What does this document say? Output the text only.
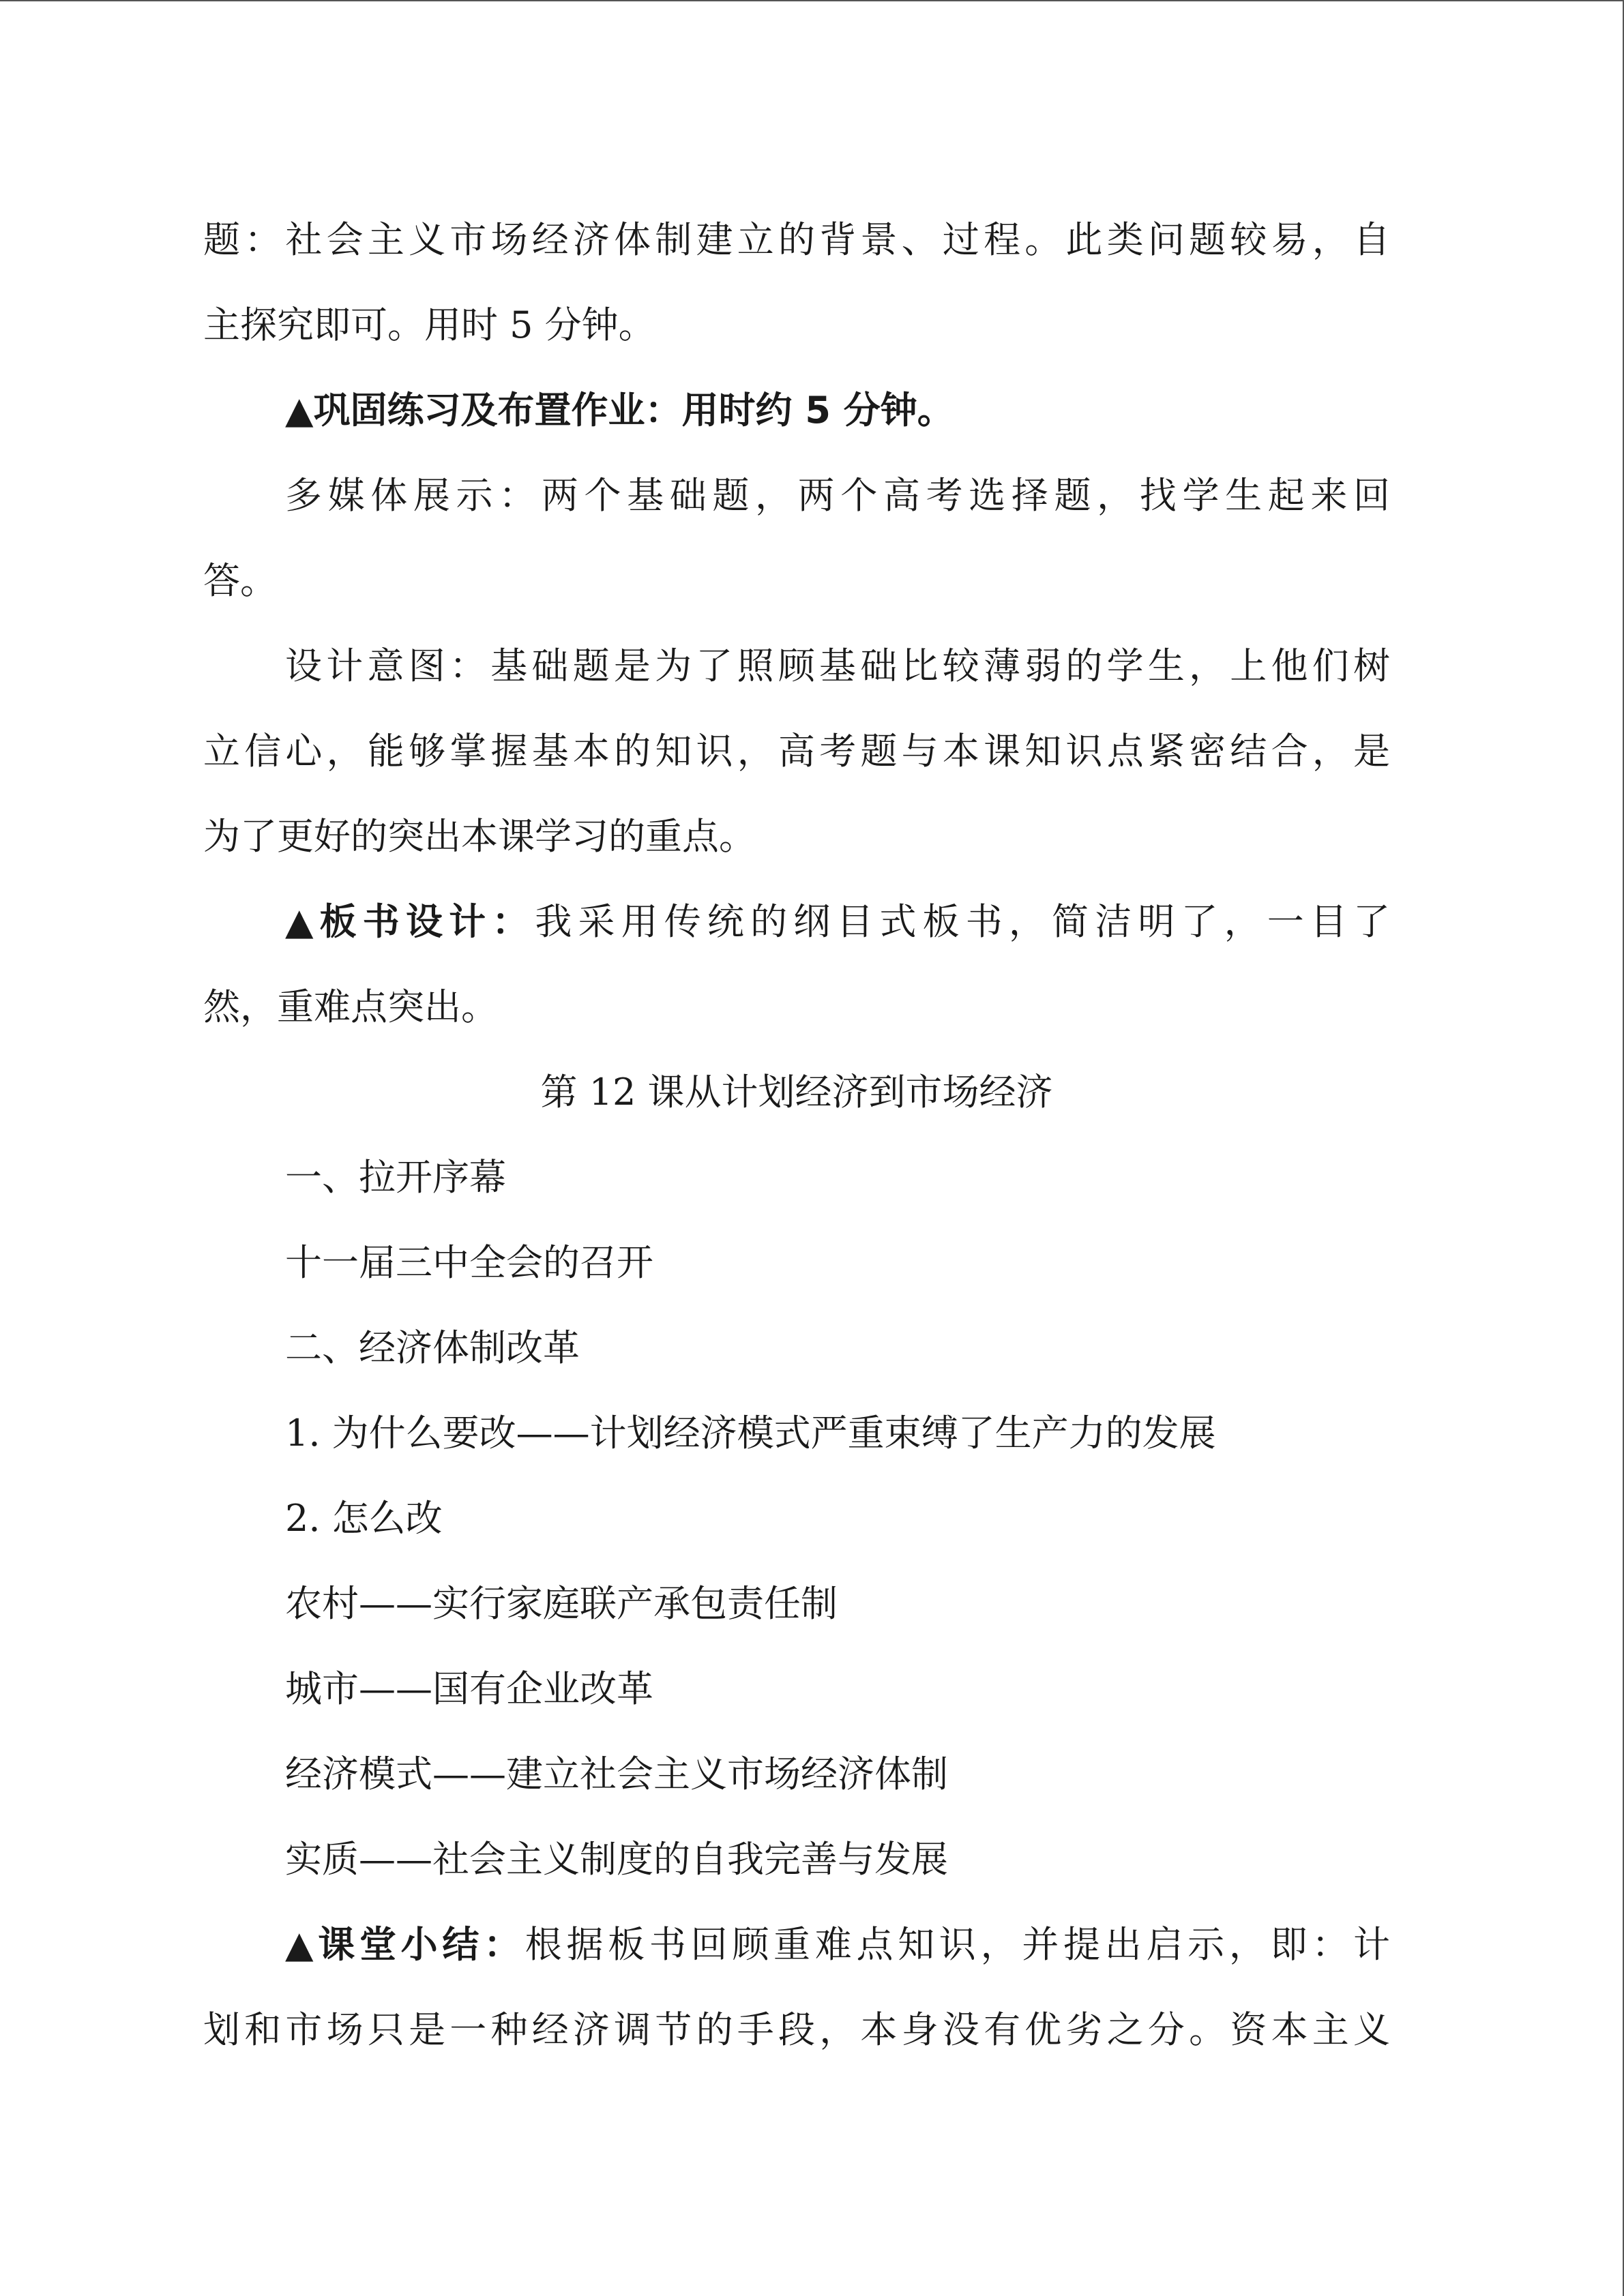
题：社会主义市场经济体制建立的背景、过程。此类问题较易，自
主探究即可。用时 5 分钟。
▲巩固练习及布置作业：用时约 5 分钟。
多媒体展示：两个基础题，两个高考选择题，找学生起来回
答。
设计意图：基础题是为了照顾基础比较薄弱的学生，上他们树
立信心，能够掌握基本的知识，高考题与本课知识点紧密结合，是
为了更好的突出本课学习的重点。
▲板书设计：我采用传统的纲目式板书，简洁明了，一目了
然，重难点突出。
第 12 课从计划经济到市场经济
一、拉开序幕
十一届三中全会的召开
二、经济体制改革
1. 为什么要改——计划经济模式严重束缚了生产力的发展
2. 怎么改
农村——实行家庭联产承包责任制
城市——国有企业改革
经济模式——建立社会主义市场经济体制
实质——社会主义制度的自我完善与发展
▲课堂小结：根据板书回顾重难点知识，并提出启示，即：计
划和市场只是一种经济调节的手段，本身没有优劣之分。资本主义
